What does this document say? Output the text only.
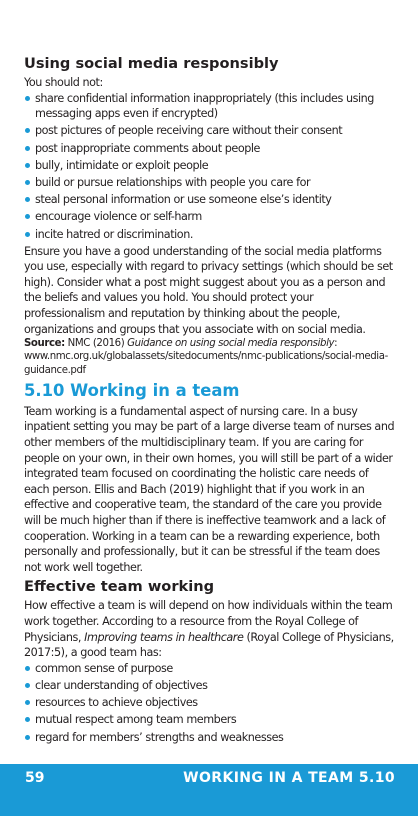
Using social media responsibly

You should not:

share confidential information inappropriately (this includes using messaging apps even if encrypted)
post pictures of people receiving care without their consent
post inappropriate comments about people
bully, intimidate or exploit people
build or pursue relationships with people you care for
steal personal information or use someone else’s identity
encourage violence or self-harm
incite hatred or discrimination.

Ensure you have a good understanding of the social media platforms you use, especially with regard to privacy settings (which should be set high). Consider what a post might suggest about you as a person and the beliefs and values you hold. You should protect your professionalism and reputation by thinking about the people, organizations and groups that you associate with on social media.

Source: NMC (2016) Guidance on using social media responsibly: www.nmc.org.uk/globalassets/sitedocuments/nmc-publications/social-media-guidance.pdf

5.10 Working in a team

Team working is a fundamental aspect of nursing care. In a busy inpatient setting you may be part of a large diverse team of nurses and other members of the multidisciplinary team. If you are caring for people on your own, in their own homes, you will still be part of a wider integrated team focused on coordinating the holistic care needs of each person. Ellis and Bach (2019) highlight that if you work in an effective and cooperative team, the standard of the care you provide will be much higher than if there is ineffective teamwork and a lack of cooperation. Working in a team can be a rewarding experience, both personally and professionally, but it can be stressful if the team does not work well together.

Effective team working

How effective a team is will depend on how individuals within the team work together. According to a resource from the Royal College of Physicians, Improving teams in healthcare (Royal College of Physicians, 2017:5), a good team has:

common sense of purpose
clear understanding of objectives
resources to achieve objectives
mutual respect among team members
regard for members’ strengths and weaknesses
59	WORKING IN A TEAM 5.10
